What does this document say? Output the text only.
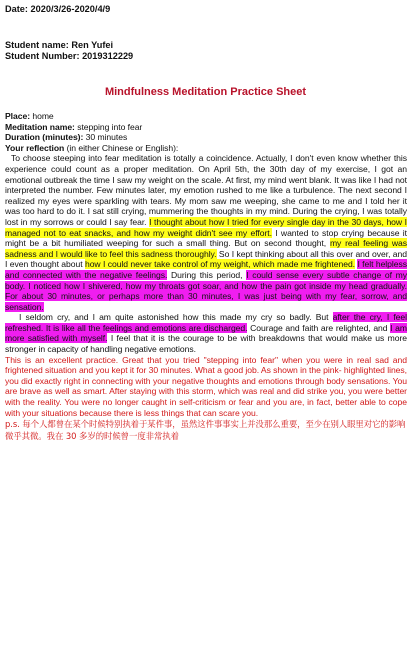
Date: 2020/3/26-2020/4/9
Student name: Ren Yufei
Student Number: 2019312229
Mindfulness Meditation Practice Sheet

Place: home

Meditation name: stepping into fear

Duration (minutes): 30 minutes

Your reflection (in either Chinese or English):

To choose steeping into fear meditation is totally a coincidence. Actually, I don't even know whether this experience could count as a proper meditation. On April 5th, the 30th day of my exercise, I got an emotional outbreak the time I saw my weight on the scale. At first, my mind went blank. It was like I had not interpreted the number. Few minutes later, my emotion rushed to me like a turbulence. The next second I realized my eyes were sparkling with tears. My mom saw me weeping, she came to me and I told her it was too hard to do it. I sat still crying, mummering the thoughts in my mind. During the crying, I was totally lost in my sorrows or could I say fear. I thought about how I tried for every single day in the 30 days, how I managed not to eat snacks, and how my weight didn't see my effort. I wanted to stop crying because it might be a bit humiliated weeping for such a small thing. But on second thought, my real feeling was sadness and I would like to feel this sadness thoroughly. So I kept thinking about all this over and over, and I even thought about how I could never take control of my weight, which made me frightened. I felt helpless and connected with the negative feelings. During this period, I could sense every subtle change of my body. I noticed how I shivered, how my throats got soar, and how the pain got inside my head gradually. For about 30 minutes, or perhaps more than 30 minutes, I was just being with my fear, sorrow, and sensation.

I seldom cry, and I am quite astonished how this made my cry so badly. But after the cry, I feel refreshed. It is like all the feelings and emotions are discharged. Courage and faith are relighted, and I am more satisfied with myself. I feel that it is the courage to be with breakdowns that would make us more stronger in capacity of handling negative emotions.

This is an excellent practice. Great that you tried "stepping into fear" when you were in real sad and frightened situation and you kept it for 30 minutes. What a good job. As shown in the pink- highlighted lines, you did exactly right in connecting with your negative thoughts and emotions through body sensations. You are brave as well as smart. After staying with this storm, which was real and did strike you, you were better with the reality. You were no longer caught in self-criticism or fear and you are, in fact, better able to cope with your situations because there is less things that can scare you.

p.s. 每个人都曾在某个时候特别执着于某件事，虽然这件事事实上并没那么重要，至少在别人眼里对它的影响微乎其微。我在 30 多岁的时候曾一度非常执着
